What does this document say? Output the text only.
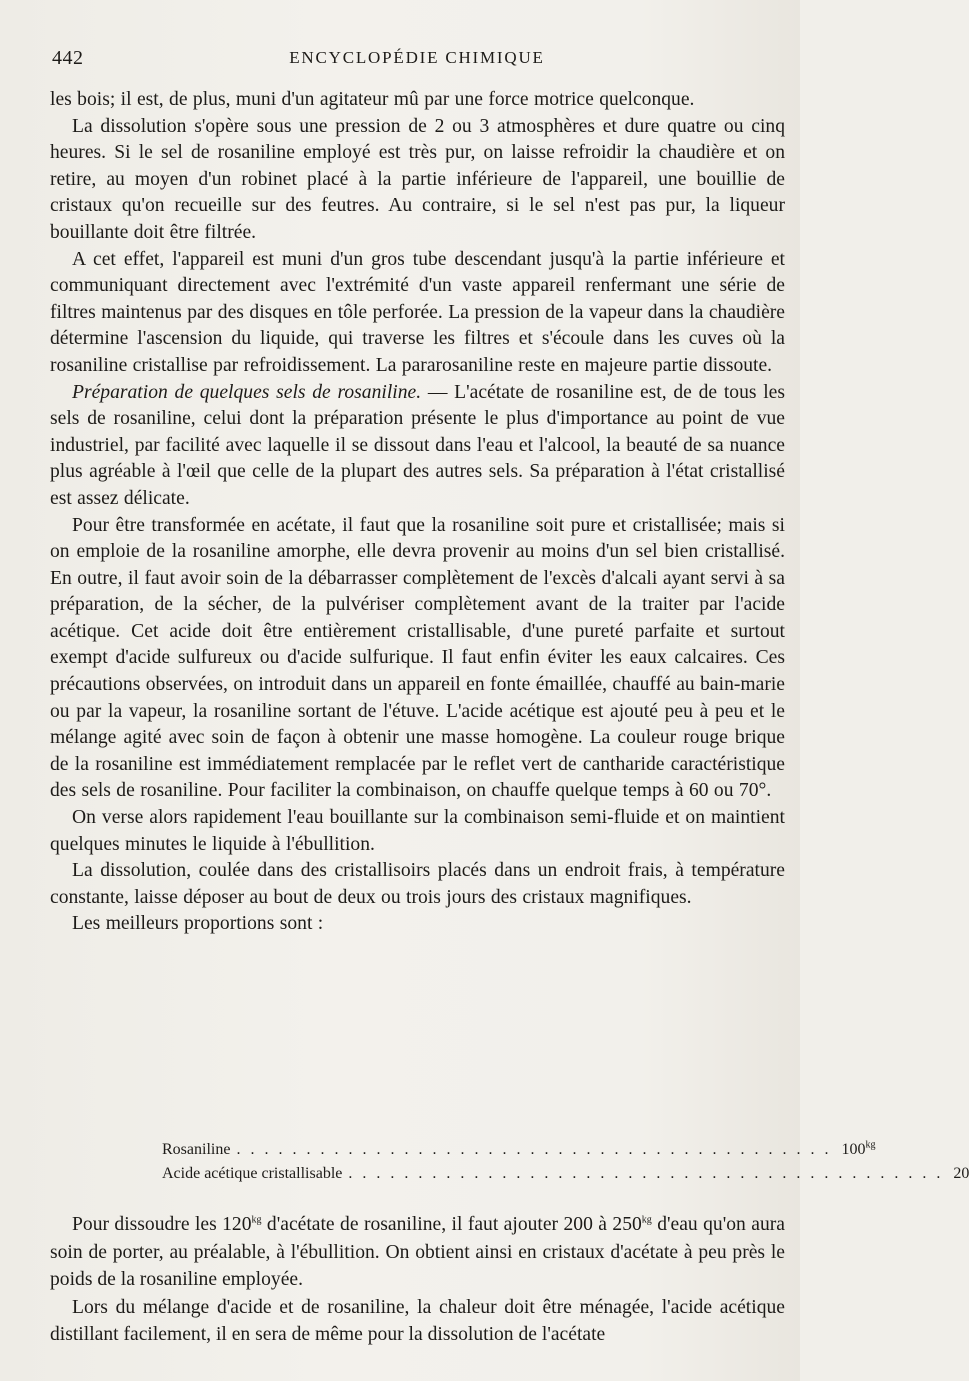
442	ENCYCLOPÉDIE CHIMIQUE

les bois; il est, de plus, muni d'un agitateur mû par une force motrice quelconque.

La dissolution s'opère sous une pression de 2 ou 3 atmosphères et dure quatre ou cinq heures. Si le sel de rosaniline employé est très pur, on laisse refroidir la chaudière et on retire, au moyen d'un robinet placé à la partie inférieure de l'appareil, une bouillie de cristaux qu'on recueille sur des feutres. Au contraire, si le sel n'est pas pur, la liqueur bouillante doit être filtrée.

A cet effet, l'appareil est muni d'un gros tube descendant jusqu'à la partie inférieure et communiquant directement avec l'extrémité d'un vaste appareil renfermant une série de filtres maintenus par des disques en tôle perforée. La pression de la vapeur dans la chaudière détermine l'ascension du liquide, qui traverse les filtres et s'écoule dans les cuves où la rosaniline cristallise par refroidissement. La pararosaniline reste en majeure partie dissoute.

Préparation de quelques sels de rosaniline. — L'acétate de rosaniline est, de de tous les sels de rosaniline, celui dont la préparation présente le plus d'importance au point de vue industriel, par facilité avec laquelle il se dissout dans l'eau et l'alcool, la beauté de sa nuance plus agréable à l'œil que celle de la plupart des autres sels. Sa préparation à l'état cristallisé est assez délicate.

Pour être transformée en acétate, il faut que la rosaniline soit pure et cristallisée; mais si on emploie de la rosaniline amorphe, elle devra provenir au moins d'un sel bien cristallisé. En outre, il faut avoir soin de la débarrasser complètement de l'excès d'alcali ayant servi à sa préparation, de la sécher, de la pulvériser complètement avant de la traiter par l'acide acétique. Cet acide doit être entièrement cristallisable, d'une pureté parfaite et surtout exempt d'acide sulfureux ou d'acide sulfurique. Il faut enfin éviter les eaux calcaires. Ces précautions observées, on introduit dans un appareil en fonte émaillée, chauffé au bain-marie ou par la vapeur, la rosaniline sortant de l'étuve. L'acide acétique est ajouté peu à peu et le mélange agité avec soin de façon à obtenir une masse homogène. La couleur rouge brique de la rosaniline est immédiatement remplacée par le reflet vert de cantharide caractéristique des sels de rosaniline. Pour faciliter la combinaison, on chauffe quelque temps à 60 ou 70°.

On verse alors rapidement l'eau bouillante sur la combinaison semi-fluide et on maintient quelques minutes le liquide à l'ébullition.

La dissolution, coulée dans des cristallisoirs placés dans un endroit frais, à température constante, laisse déposer au bout de deux ou trois jours des cristaux magnifiques.

Les meilleurs proportions sont :

Rosaniline . . . . . . . . . . . . . . . . . . . . . . . . . . . . . . . . . . . . . . . . . . . $100^{kg}$
Acide acétique cristallisable . . . . . . . . . . . . . . . . . . . . . . . . . . . . . . . . . . . . . . . . . . . 20

Pour dissoudre les $120^{kg}$ d'acétate de rosaniline, il faut ajouter 200 à $250^{kg}$ d'eau qu'on aura soin de porter, au préalable, à l'ébullition. On obtient ainsi en cristaux d'acétate à peu près le poids de la rosaniline employée.

Lors du mélange d'acide et de rosaniline, la chaleur doit être ménagée, l'acide acétique distillant facilement, il en sera de même pour la dissolution de l'acétate
